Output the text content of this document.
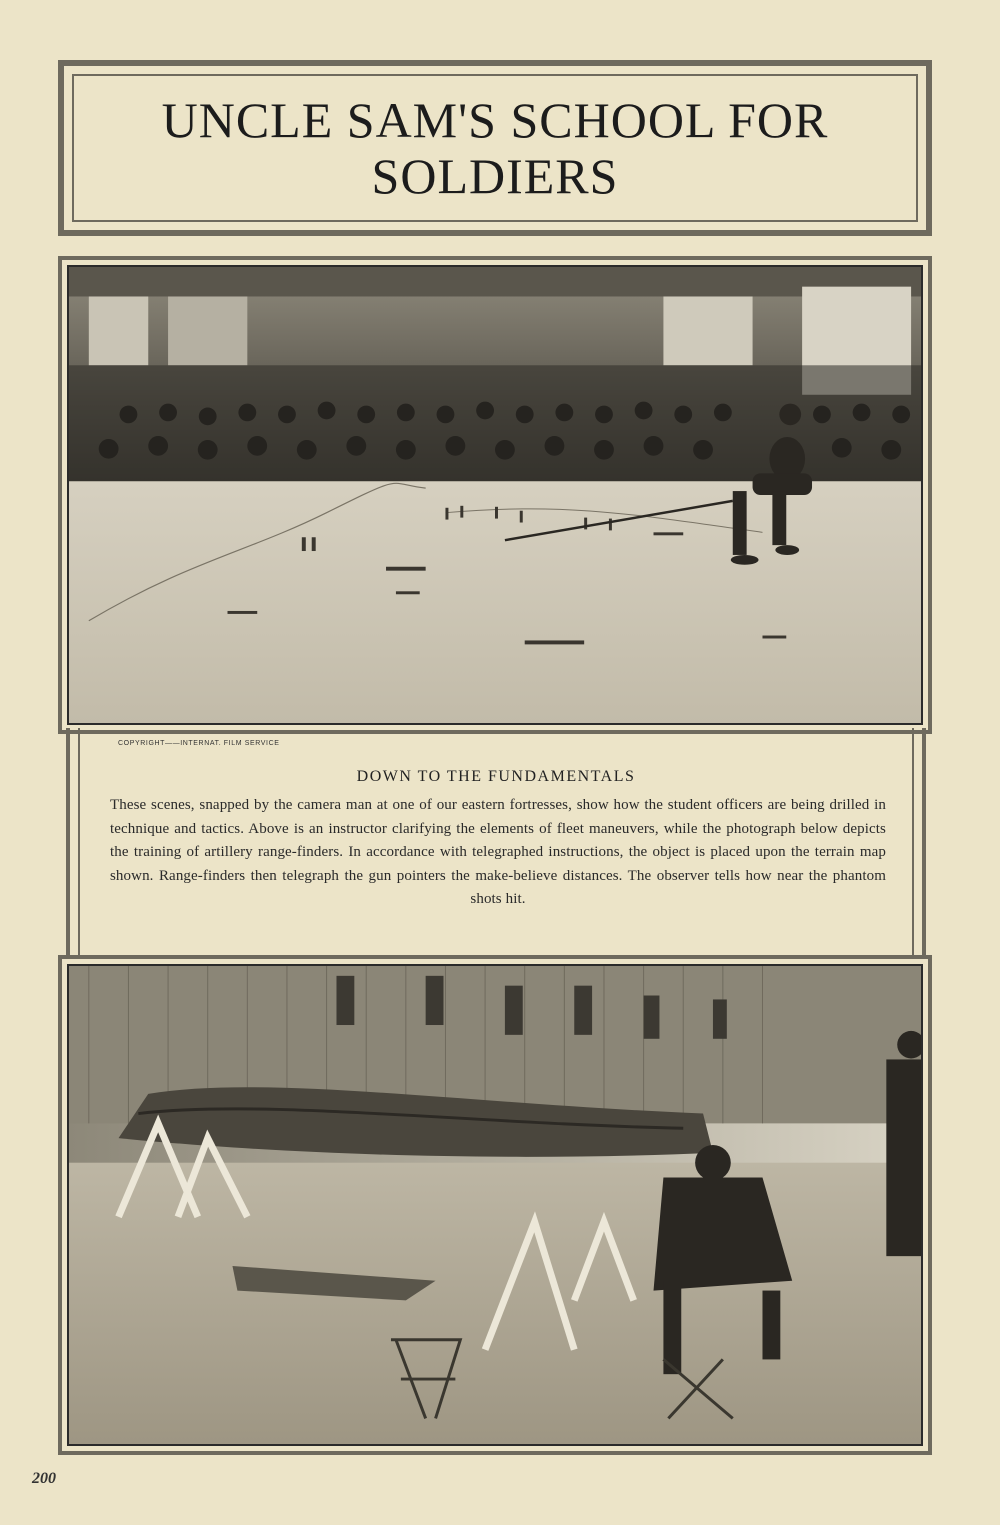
UNCLE SAM'S SCHOOL FOR SOLDIERS
COPYRIGHT——INTERNAT. FILM SERVICE
DOWN TO THE FUNDAMENTALS
These scenes, snapped by the camera man at one of our eastern fortresses, show how the student officers are being drilled in technique and tactics. Above is an instructor clarifying the elements of fleet maneuvers, while the photograph below depicts the training of artillery range-finders. In accordance with telegraphed instructions, the object is placed upon the terrain map shown. Range-finders then telegraph the gun pointers the make-believe distances. The observer tells how near the phantom shots hit.
200
